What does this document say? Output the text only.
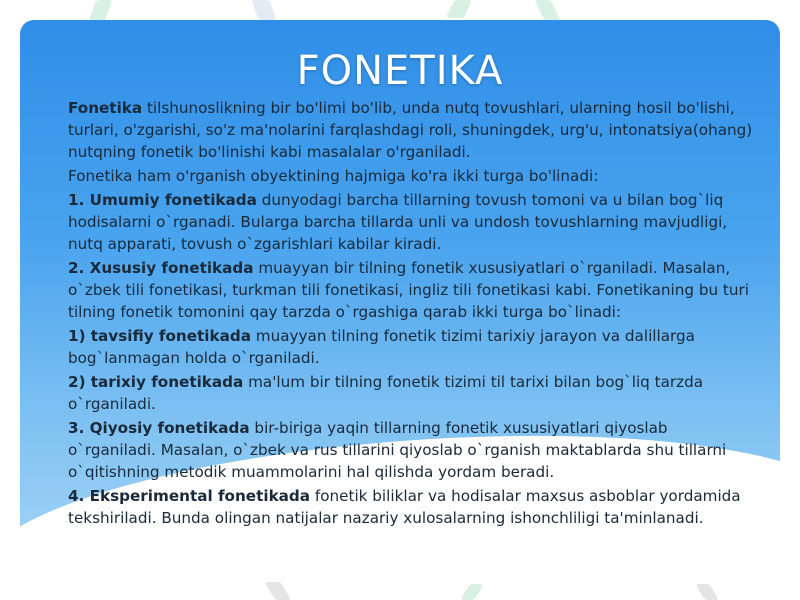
FONETIKA

Fonetika tilshunoslikning bir bo'limi bo'lib, unda nutq tovushlari, ularning hosil bo'lishi, turlari, o'zgarishi, so'z ma'nolarini farqlashdagi roli, shuningdek, urg'u, intonatsiya(ohang) nutqning fonetik bo'linishi kabi masalalar o'rganiladi.

Fonetika ham o'rganish obyektining hajmiga ko'ra ikki turga bo'linadi:

1. Umumiy fonetikada dunyodagi barcha tillarning tovush tomoni va u bilan bog`liq hodisalarni o`rganadi. Bularga barcha tillarda unli va undosh tovushlarning mavjudligi, nutq apparati, tovush o`zgarishlari kabilar kiradi.

2. Xususiy fonetikada muayyan bir tilning fonetik xususiyatlari o`rganiladi. Masalan, o`zbek tili fonetikasi, turkman tili fonetikasi, ingliz tili fonetikasi kabi. Fonetikaning bu turi tilning fonetik tomonini qay tarzda o`rgashiga qarab ikki turga bo`linadi:

1) tavsifiy fonetikada muayyan tilning fonetik tizimi tarixiy jarayon va dalillarga bog`lanmagan holda o`rganiladi.

2) tarixiy fonetikada ma'lum bir tilning fonetik tizimi til tarixi bilan bog`liq tarzda o`rganiladi.

3. Qiyosiy fonetikada bir-biriga yaqin tillarning fonetik xususiyatlari qiyoslab o`rganiladi. Masalan, o`zbek va rus tillarini qiyoslab o`rganish maktablarda shu tillarni o`qitishning metodik muammolarini hal qilishda yordam beradi.

4. Eksperimental fonetikada fonetik biliklar va hodisalar maxsus asboblar yordamida tekshiriladi. Bunda olingan natijalar nazariy xulosalarning ishonchliligi ta'minlanadi.
